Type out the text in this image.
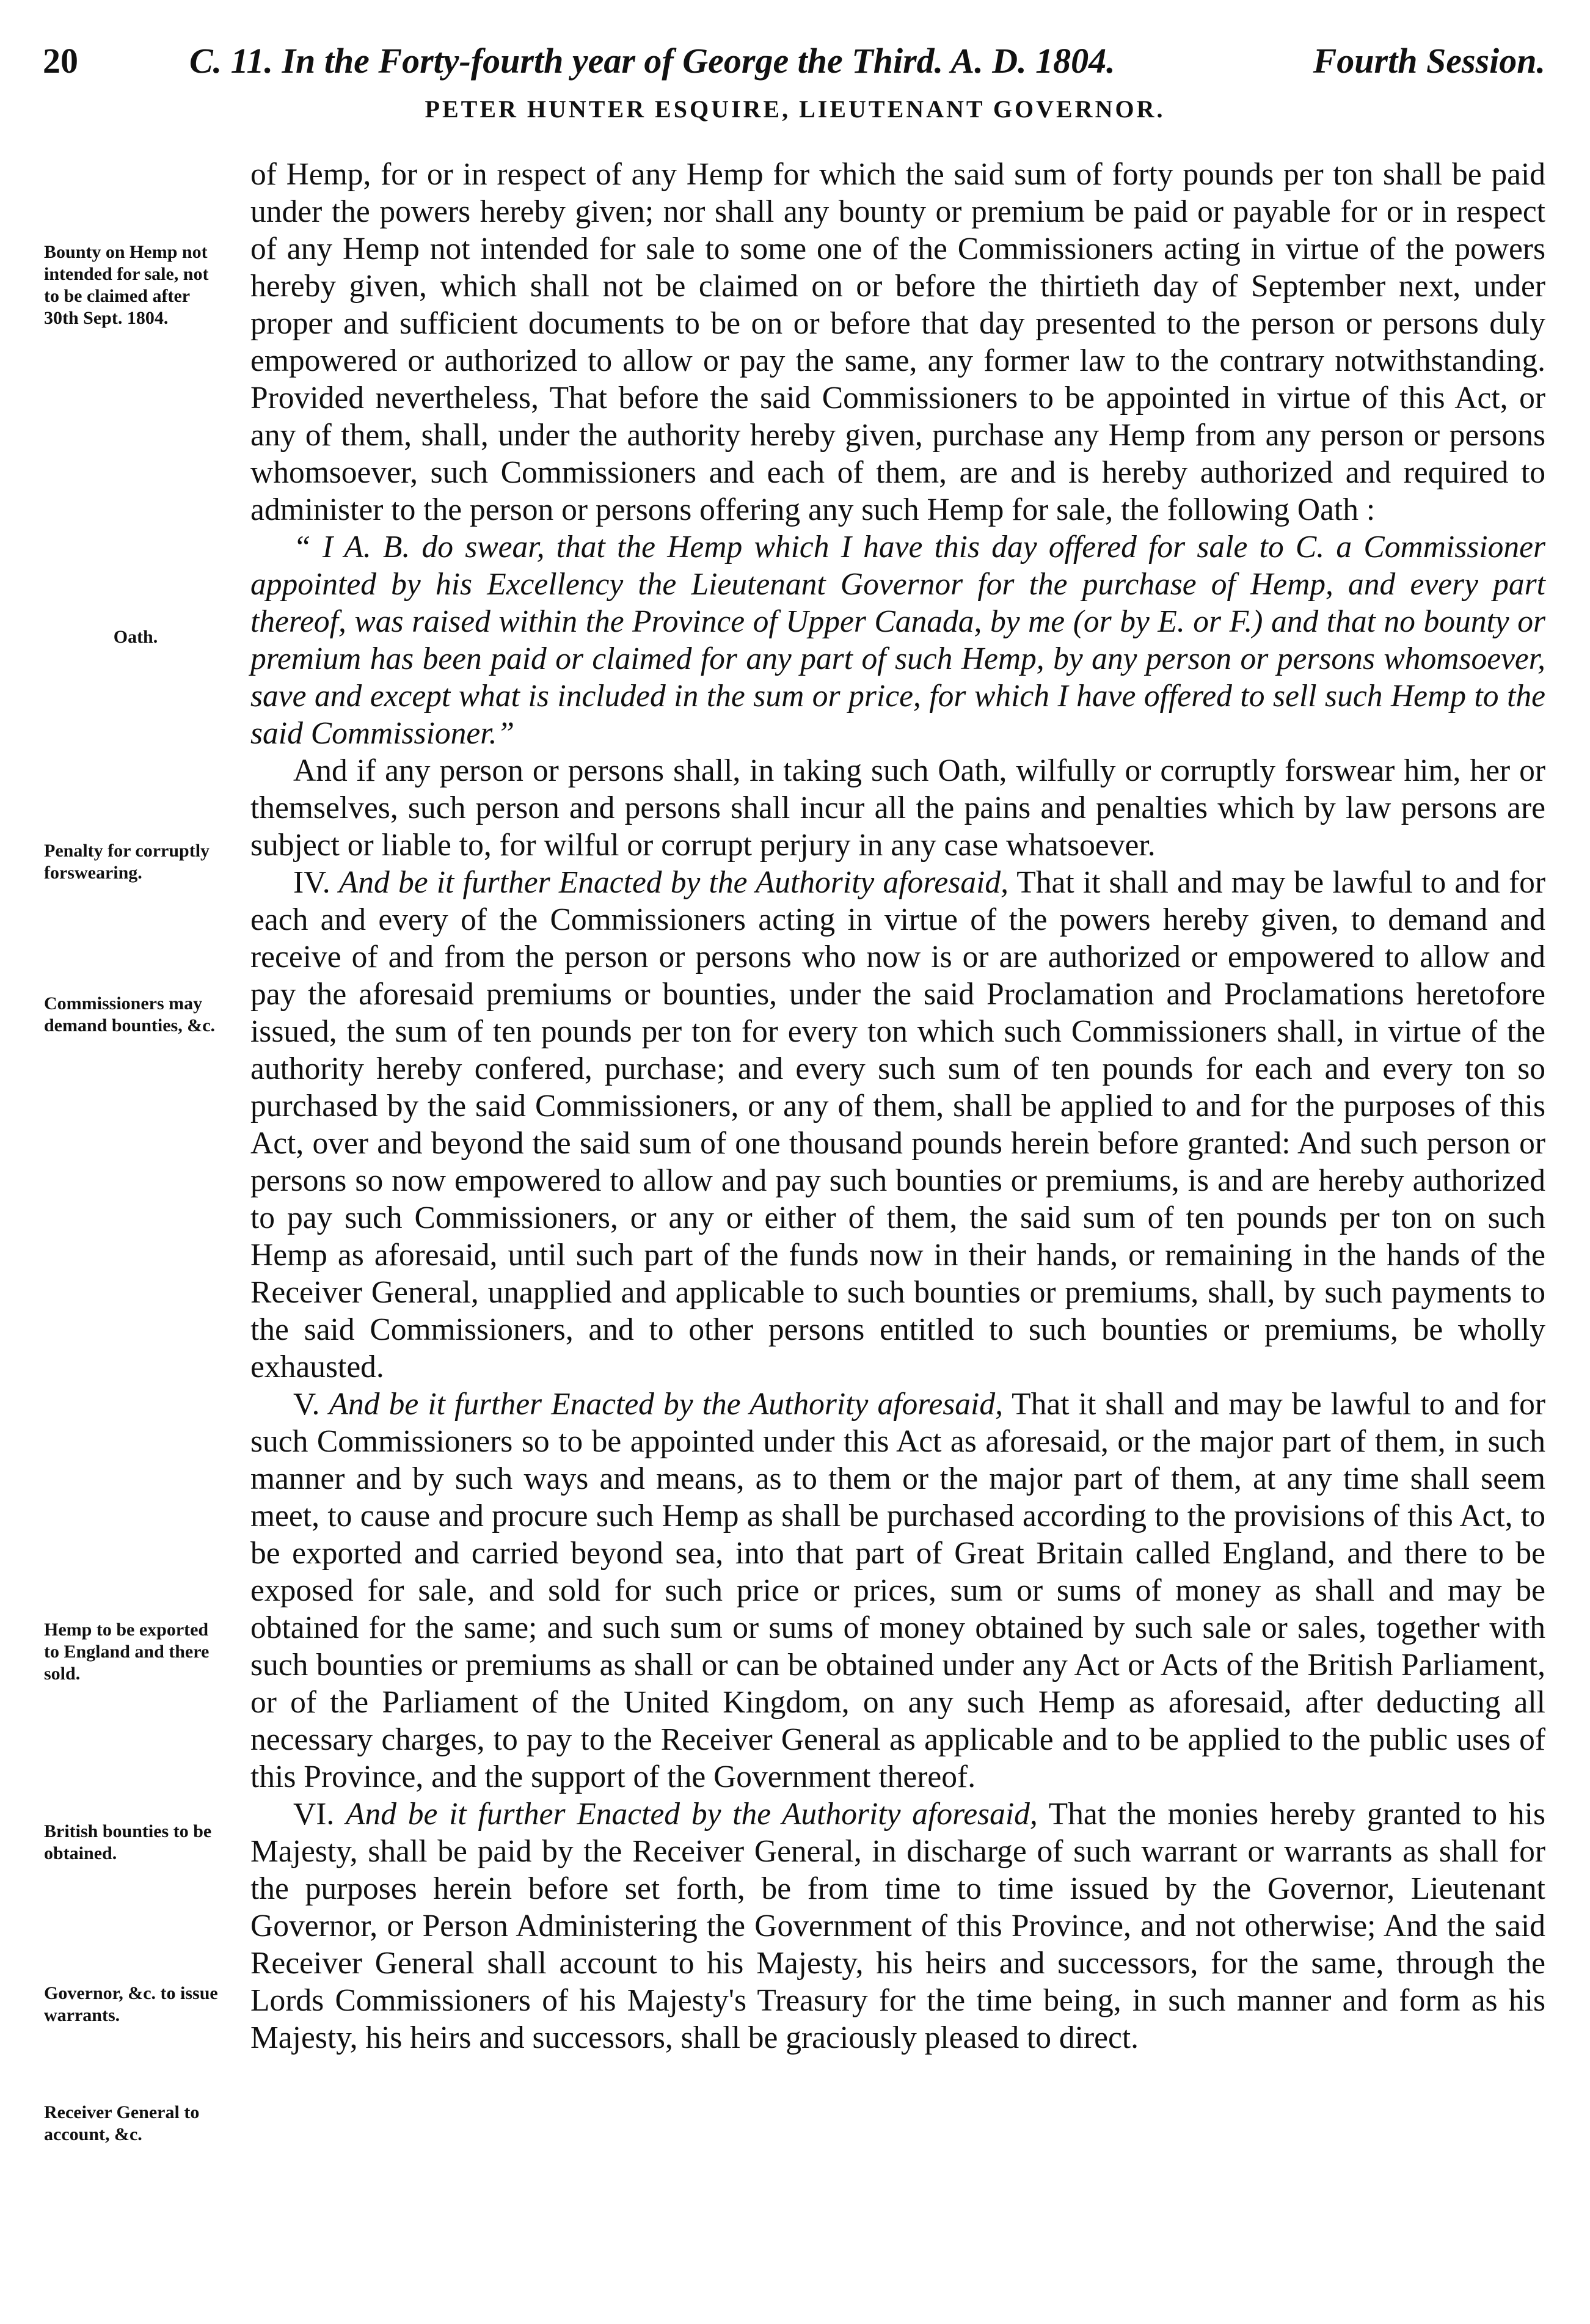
20	C. 11. In the Forty-fourth year of George the Third. A. D. 1804.	Fourth Session.
PETER HUNTER ESQUIRE, LIEUTENANT GOVERNOR.
Bounty on Hemp not intended for sale, not to be claimed after 30th Sept. 1804.
Oath.
Penalty for corruptly forswearing.
Commissioners may demand bounties, &c.
Hemp to be exported to England and there sold.
British bounties to be obtained.
Governor, &c. to issue warrants.
Receiver General to account, &c.

of Hemp, for or in respect of any Hemp for which the said sum of forty pounds per ton shall be paid under the powers hereby given; nor shall any bounty or premium be paid or payable for or in respect of any Hemp not intended for sale to some one of the Commissioners acting in virtue of the powers hereby given, which shall not be claimed on or before the thirtieth day of September next, under proper and sufficient documents to be on or before that day presented to the person or persons duly empowered or authorized to allow or pay the same, any former law to the contrary notwithstanding. Provided nevertheless, That before the said Commissioners to be appointed in virtue of this Act, or any of them, shall, under the authority hereby given, purchase any Hemp from any person or persons whomsoever, such Commissioners and each of them, are and is hereby authorized and required to administer to the person or persons offering any such Hemp for sale, the following Oath :

“ I A. B. do swear, that the Hemp which I have this day offered for sale to C. a Commissioner appointed by his Excellency the Lieutenant Governor for the purchase of Hemp, and every part thereof, was raised within the Province of Upper Canada, by me (or by E. or F.) and that no bounty or premium has been paid or claimed for any part of such Hemp, by any person or persons whomsoever, save and except what is included in the sum or price, for which I have offered to sell such Hemp to the said Commissioner.”

And if any person or persons shall, in taking such Oath, wilfully or corruptly forswear him, her or themselves, such person and persons shall incur all the pains and penalties which by law persons are subject or liable to, for wilful or corrupt perjury in any case whatsoever.

IV. And be it further Enacted by the Authority aforesaid, That it shall and may be lawful to and for each and every of the Commissioners acting in virtue of the powers hereby given, to demand and receive of and from the person or persons who now is or are authorized or empowered to allow and pay the aforesaid premiums or bounties, under the said Proclamation and Proclamations heretofore issued, the sum of ten pounds per ton for every ton which such Commissioners shall, in virtue of the authority hereby confered, purchase; and every such sum of ten pounds for each and every ton so purchased by the said Commissioners, or any of them, shall be applied to and for the purposes of this Act, over and beyond the said sum of one thousand pounds herein before granted: And such person or persons so now empowered to allow and pay such bounties or premiums, is and are hereby authorized to pay such Commissioners, or any or either of them, the said sum of ten pounds per ton on such Hemp as aforesaid, until such part of the funds now in their hands, or remaining in the hands of the Receiver General, unapplied and applicable to such bounties or premiums, shall, by such payments to the said Commissioners, and to other persons entitled to such bounties or premiums, be wholly exhausted.

V. And be it further Enacted by the Authority aforesaid, That it shall and may be lawful to and for such Commissioners so to be appointed under this Act as aforesaid, or the major part of them, in such manner and by such ways and means, as to them or the major part of them, at any time shall seem meet, to cause and procure such Hemp as shall be purchased according to the provisions of this Act, to be exported and carried beyond sea, into that part of Great Britain called England, and there to be exposed for sale, and sold for such price or prices, sum or sums of money as shall and may be obtained for the same; and such sum or sums of money obtained by such sale or sales, together with such bounties or premiums as shall or can be obtained under any Act or Acts of the British Parliament, or of the Parliament of the United Kingdom, on any such Hemp as aforesaid, after deducting all necessary charges, to pay to the Receiver General as applicable and to be applied to the public uses of this Province, and the support of the Government thereof.

VI. And be it further Enacted by the Authority aforesaid, That the monies hereby granted to his Majesty, shall be paid by the Receiver General, in discharge of such warrant or warrants as shall for the purposes herein before set forth, be from time to time issued by the Governor, Lieutenant Governor, or Person Administering the Government of this Province, and not otherwise; And the said Receiver General shall account to his Majesty, his heirs and successors, for the same, through the Lords Commissioners of his Majesty's Treasury for the time being, in such manner and form as his Majesty, his heirs and successors, shall be graciously pleased to direct.
